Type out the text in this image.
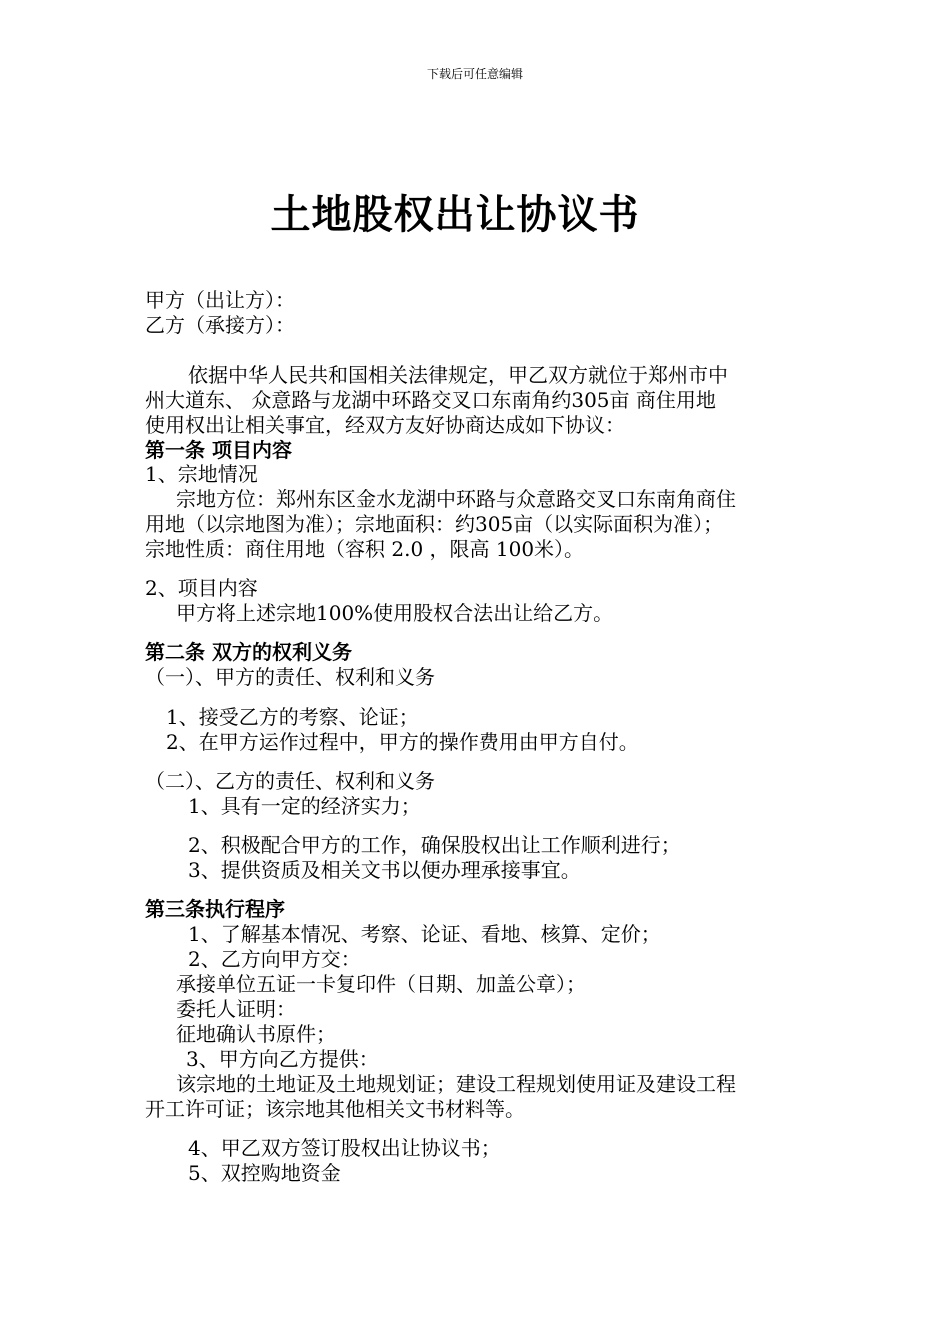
下载后可任意编辑
土地股权出让协议书
甲方（出让方）：
乙方（承接方）：
依据中华人民共和国相关法律规定，甲乙双方就位于郑州市中
州大道东、 众意路与龙湖中环路交叉口东南角约305亩 商住用地
使用权出让相关事宜，经双方友好协商达成如下协议：
第一条 项目内容
1、宗地情况
宗地方位：郑州东区金水龙湖中环路与众意路交叉口东南角商住
用地（以宗地图为准）；宗地面积：约305亩（以实际面积为准）；
宗地性质：商住用地（容积 2.0 ，限高 100米）。
2、项目内容
甲方将上述宗地100%使用股权合法出让给乙方。
第二条 双方的权利义务
（一）、甲方的责任、权利和义务
1、接受乙方的考察、论证；
2、在甲方运作过程中，甲方的操作费用由甲方自付。
（二）、乙方的责任、权利和义务
1、具有一定的经济实力；
2、积极配合甲方的工作，确保股权出让工作顺利进行；
3、提供资质及相关文书以便办理承接事宜。
第三条执行程序
1、了解基本情况、考察、论证、看地、核算、定价；
2、乙方向甲方交：
承接单位五证一卡复印件（日期、加盖公章）；
委托人证明：
征地确认书原件；
3、甲方向乙方提供：
该宗地的土地证及土地规划证；建设工程规划使用证及建设工程
开工许可证；该宗地其他相关文书材料等。
4、甲乙双方签订股权出让协议书；
5、双控购地资金
